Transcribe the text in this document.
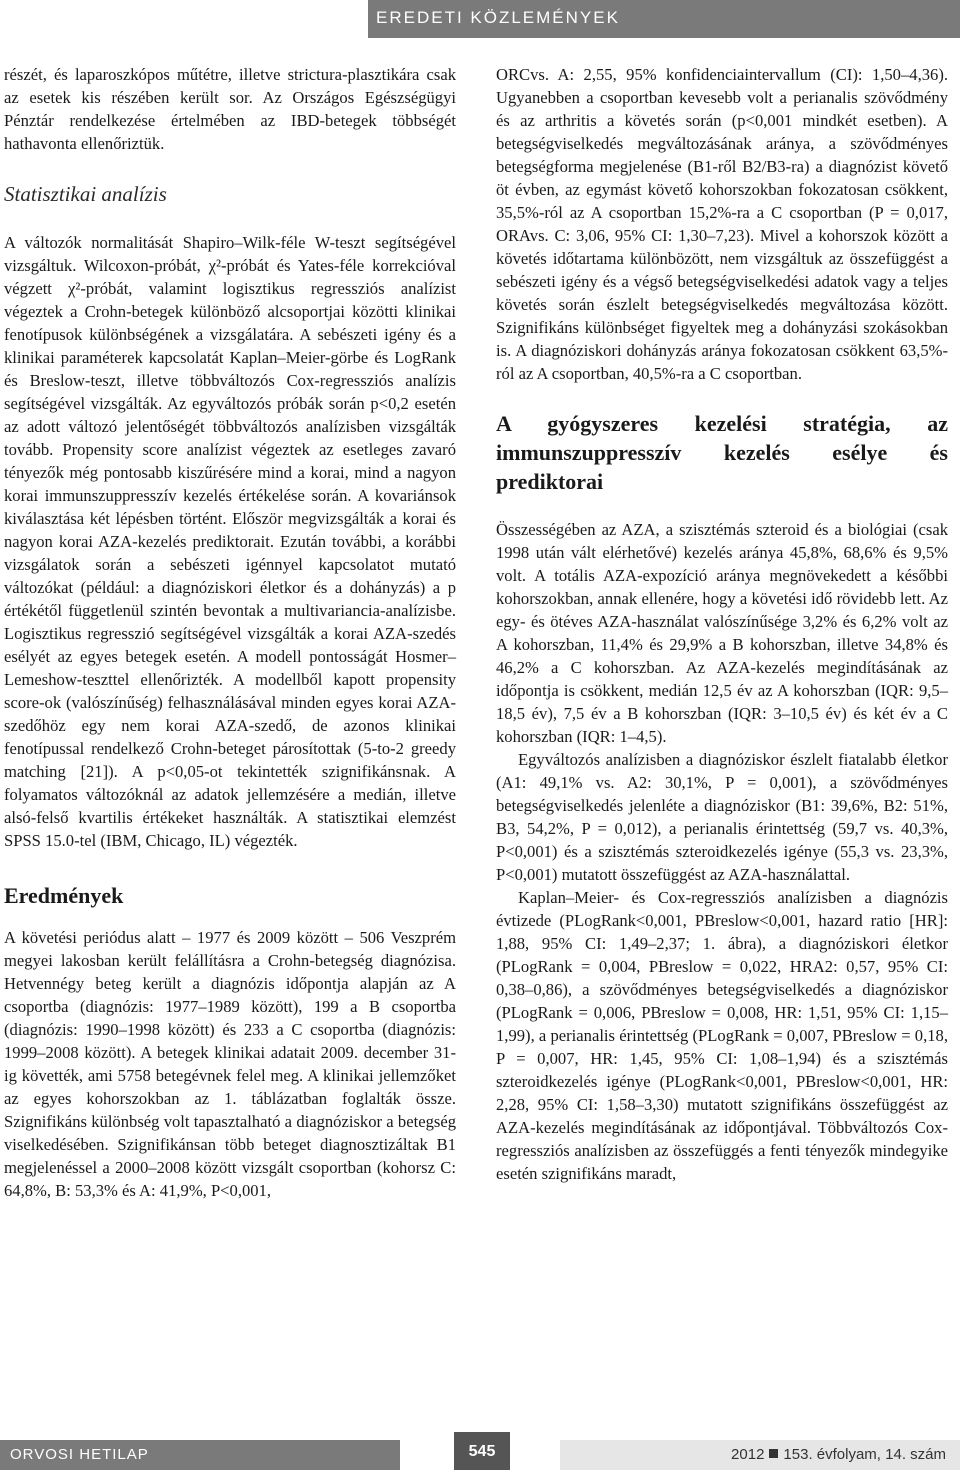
EREDETI KÖZLEMÉNYEK

részét, és laparoszkópos műtétre, illetve strictura-plasztikára csak az esetek kis részében került sor. Az Országos Egészségügyi Pénztár rendelkezése értelmében az IBD-betegek többségét hathavonta ellenőriztük.

Statisztikai analízis

A változók normalitását Shapiro–Wilk-féle W-teszt segítségével vizsgáltuk. Wilcoxon-próbát, χ²-próbát és Yates-féle korrekcióval végzett χ²-próbát, valamint logisztikus regressziós analízist végeztek a Crohn-betegek különböző alcsoportjai közötti klinikai fenotípusok különbségének a vizsgálatára. A sebészeti igény és a klinikai paraméterek kapcsolatát Kaplan–Meier-görbe és LogRank és Breslow-teszt, illetve többváltozós Cox-regressziós analízis segítségével vizsgálták. Az egyváltozós próbák során p<0,2 esetén az adott változó jelentőségét többváltozós analízisben vizsgálták tovább. Propensity score analízist végeztek az esetleges zavaró tényezők még pontosabb kiszűrésére mind a korai, mind a nagyon korai immunszuppresszív kezelés értékelése során. A kovariánsok kiválasztása két lépésben történt. Először megvizsgálták a korai és nagyon korai AZA-kezelés prediktorait. Ezután további, a korábbi vizsgálatok során a sebészeti igénnyel kapcsolatot mutató változókat (például: a diagnóziskori életkor és a dohányzás) a p értékétől függetlenül szintén bevontak a multivariancia-analízisbe. Logisztikus regresszió segítségével vizsgálták a korai AZA-szedés esélyét az egyes betegek esetén. A modell pontosságát Hosmer–Lemeshow-teszttel ellenőrizték. A modellből kapott propensity score-ok (valószínűség) felhasználásával minden egyes korai AZA-szedőhöz egy nem korai AZA-szedő, de azonos klinikai fenotípussal rendelkező Crohn-beteget párosítottak (5-to-2 greedy matching [21]). A p<0,05-ot tekintették szignifikánsnak. A folyamatos változóknál az adatok jellemzésére a medián, illetve alsó-felső kvartilis értékeket használták. A statisztikai elemzést SPSS 15.0-tel (IBM, Chicago, IL) végezték.

Eredmények

A követési periódus alatt – 1977 és 2009 között – 506 Veszprém megyei lakosban került felállításra a Crohn-betegség diagnózisa. Hetvennégy beteg került a diagnózis időpontja alapján az A csoportba (diagnózis: 1977–1989 között), 199 a B csoportba (diagnózis: 1990–1998 között) és 233 a C csoportba (diagnózis: 1999–2008 között). A betegek klinikai adatait 2009. december 31-ig követték, ami 5758 betegévnek felel meg. A klinikai jellemzőket az egyes kohorszokban az 1. táblázatban foglalták össze. Szignifikáns különbség volt tapasztalható a diagnóziskor a betegség viselkedésében. Szignifikánsan több beteget diagnosztizáltak B1 megjelenéssel a 2000–2008 között vizsgált csoportban (kohorsz C: 64,8%, B: 53,3% és A: 41,9%, P<0,001,

ORCvs. A: 2,55, 95% konfidenciaintervallum (CI): 1,50–4,36). Ugyanebben a csoportban kevesebb volt a perianalis szövődmény és az arthritis a követés során (p<0,001 mindkét esetben). A betegségviselkedés megváltozásának aránya, a szövődményes betegségforma megjelenése (B1-ről B2/B3-ra) a diagnózist követő öt évben, az egymást követő kohorszokban fokozatosan csökkent, 35,5%-ról az A csoportban 15,2%-ra a C csoportban (P = 0,017, ORAvs. C: 3,06, 95% CI: 1,30–7,23). Mivel a kohorszok között a követés időtartama különbözött, nem vizsgáltuk az összefüggést a sebészeti igény és a végső betegségviselkedési adatok vagy a teljes követés során észlelt betegségviselkedés megváltozása között. Szignifikáns különbséget figyeltek meg a dohányzási szokásokban is. A diagnóziskori dohányzás aránya fokozatosan csökkent 63,5%-ról az A csoportban, 40,5%-ra a C csoportban.

A gyógyszeres kezelési stratégia, az immunszuppresszív kezelés esélye és prediktorai

Összességében az AZA, a szisztémás szteroid és a biológiai (csak 1998 után vált elérhetővé) kezelés aránya 45,8%, 68,6% és 9,5% volt. A totális AZA-expozíció aránya megnövekedett a későbbi kohorszokban, annak ellenére, hogy a követési idő rövidebb lett. Az egy- és ötéves AZA-használat valószínűsége 3,2% és 6,2% volt az A kohorszban, 11,4% és 29,9% a B kohorszban, illetve 34,8% és 46,2% a C kohorszban. Az AZA-kezelés megindításának az időpontja is csökkent, medián 12,5 év az A kohorszban (IQR: 9,5–18,5 év), 7,5 év a B kohorszban (IQR: 3–10,5 év) és két év a C kohorszban (IQR: 1–4,5).

Egyváltozós analízisben a diagnóziskor észlelt fiatalabb életkor (A1: 49,1% vs. A2: 30,1%, P = 0,001), a szövődményes betegségviselkedés jelenléte a diagnóziskor (B1: 39,6%, B2: 51%, B3, 54,2%, P = 0,012), a perianalis érintettség (59,7 vs. 40,3%, P<0,001) és a szisztémás szteroidkezelés igénye (55,3 vs. 23,3%, P<0,001) mutatott összefüggést az AZA-használattal.

Kaplan–Meier- és Cox-regressziós analízisben a diagnózis évtizede (PLogRank<0,001, PBreslow<0,001, hazard ratio [HR]: 1,88, 95% CI: 1,49–2,37; 1. ábra), a diagnóziskori életkor (PLogRank = 0,004, PBreslow = 0,022, HRA2: 0,57, 95% CI: 0,38–0,86), a szövődményes betegségviselkedés a diagnóziskor (PLogRank = 0,006, PBreslow = 0,008, HR: 1,51, 95% CI: 1,15–1,99), a perianalis érintettség (PLogRank = 0,007, PBreslow = 0,18, P = 0,007, HR: 1,45, 95% CI: 1,08–1,94) és a szisztémás szteroidkezelés igénye (PLogRank<0,001, PBreslow<0,001, HR: 2,28, 95% CI: 1,58–3,30) mutatott szignifikáns összefüggést az AZA-kezelés megindításának az időpontjával. Többváltozós Cox-regressziós analízisben az összefüggés a fenti tényezők mindegyike esetén szignifikáns maradt,

ORVOSI HETILAP	545	2012 153. évfolyam, 14. szám
